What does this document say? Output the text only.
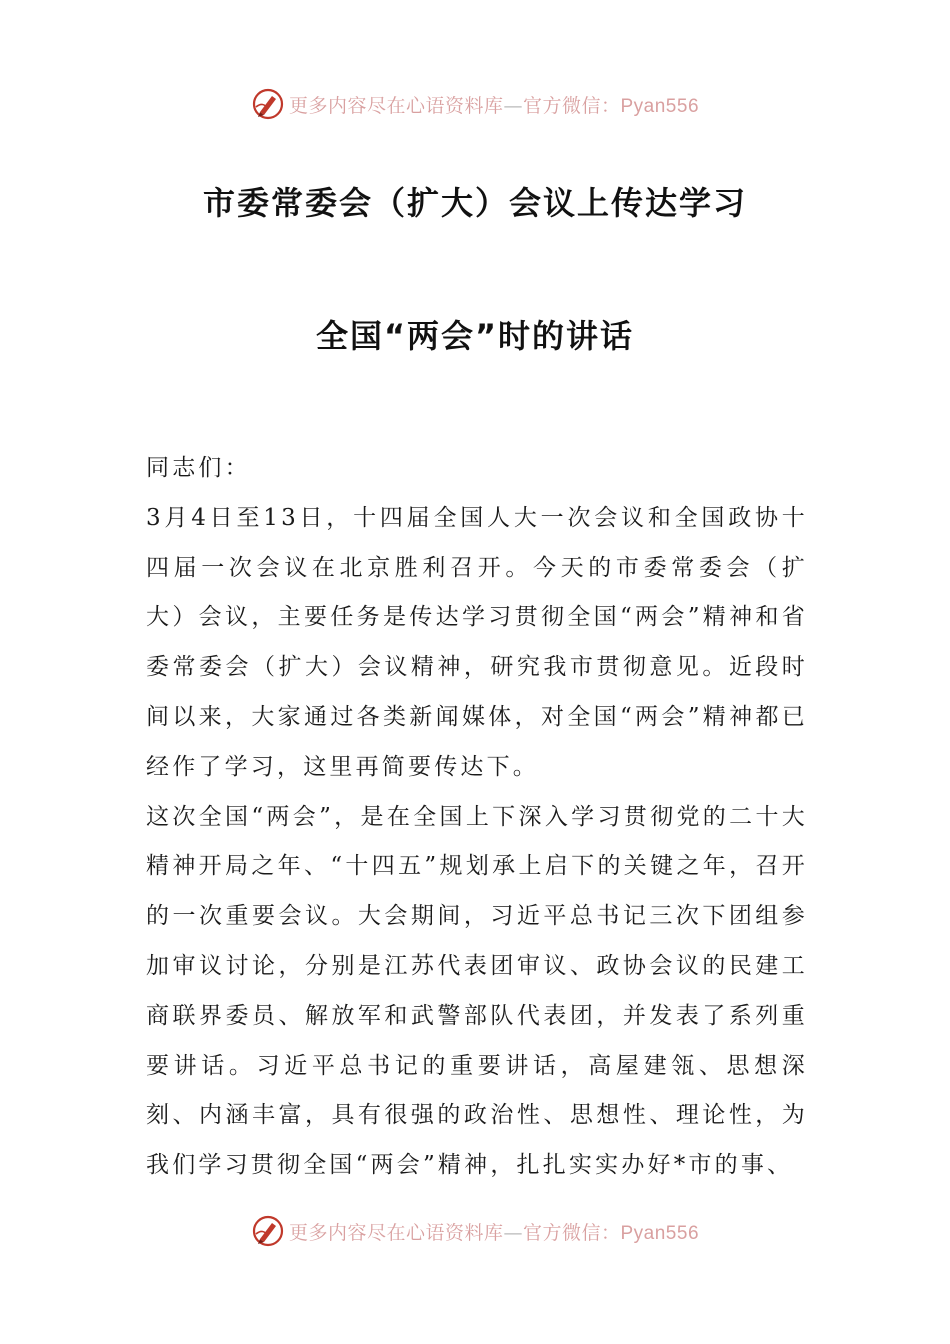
更多内容尽在心语资料库—官方微信：Pyan556
市委常委会（扩大）会议上传达学习
全国“两会”时的讲话

同志们：

3月4日至13日，十四届全国人大一次会议和全国政协十四届一次会议在北京胜利召开。今天的市委常委会（扩大）会议，主要任务是传达学习贯彻全国“两会”精神和省委常委会（扩大）会议精神，研究我市贯彻意见。近段时间以来，大家通过各类新闻媒体，对全国“两会”精神都已经作了学习，这里再简要传达下。

这次全国“两会”，是在全国上下深入学习贯彻党的二十大精神开局之年、“十四五”规划承上启下的关键之年，召开的一次重要会议。大会期间，习近平总书记三次下团组参加审议讨论，分别是江苏代表团审议、政协会议的民建工商联界委员、解放军和武警部队代表团，并发表了系列重要讲话。习近平总书记的重要讲话，高屋建瓴、思想深刻、内涵丰富，具有很强的政治性、思想性、理论性，为我们学习贯彻全国“两会”精神，扎扎实实办好*市的事、

更多内容尽在心语资料库—官方微信：Pyan556
